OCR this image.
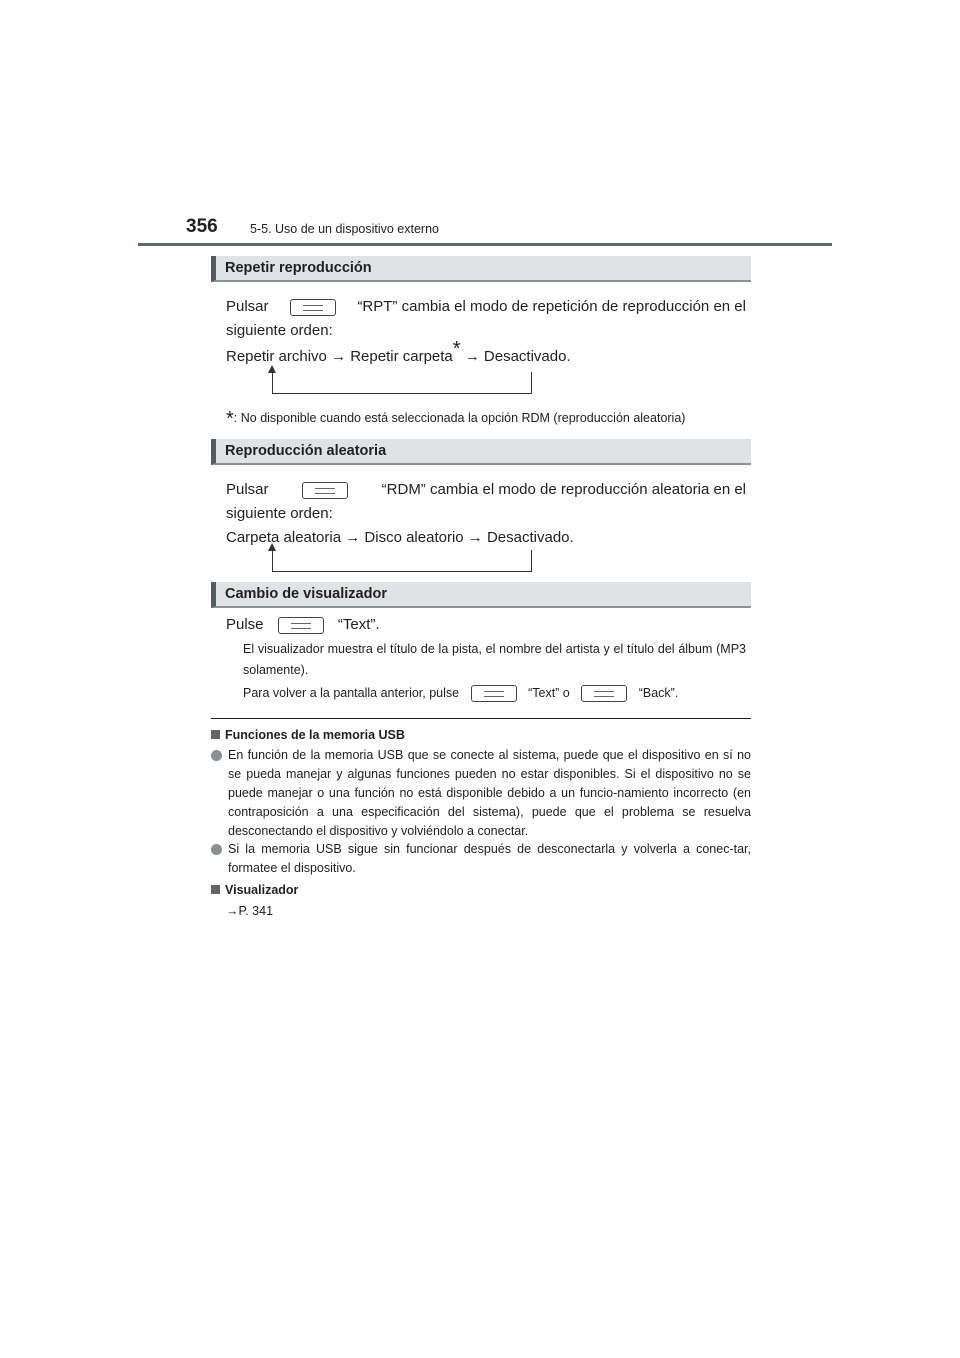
356	5-5. Uso de un dispositivo externo
Repetir reproducción
Pulsar	“RPT” cambia el modo de repetición de reproducción en el
siguiente orden:
Repetir archivo → Repetir carpeta* → Desactivado.
*: No disponible cuando está seleccionada la opción RDM (reproducción aleatoria)
Reproducción aleatoria
Pulsar	“RDM” cambia el modo de reproducción aleatoria en el
siguiente orden:
Carpeta aleatoria → Disco aleatorio → Desactivado.
Cambio de visualizador
Pulse	“Text”.
El visualizador muestra el título de la pista, el nombre del artista y el título del álbum (MP3 solamente).
Para volver a la pantalla anterior, pulse	“Text” o	“Back”.
Funciones de la memoria USB
En función de la memoria USB que se conecte al sistema, puede que el dispositivo en sí no se pueda manejar y algunas funciones pueden no estar disponibles. Si el dispositivo no se puede manejar o una función no está disponible debido a un funcio-namiento incorrecto (en contraposición a una especificación del sistema), puede que el problema se resuelva desconectando el dispositivo y volviéndolo a conectar.
Si la memoria USB sigue sin funcionar después de desconectarla y volverla a conec-tar, formatee el dispositivo.
Visualizador
→P. 341
